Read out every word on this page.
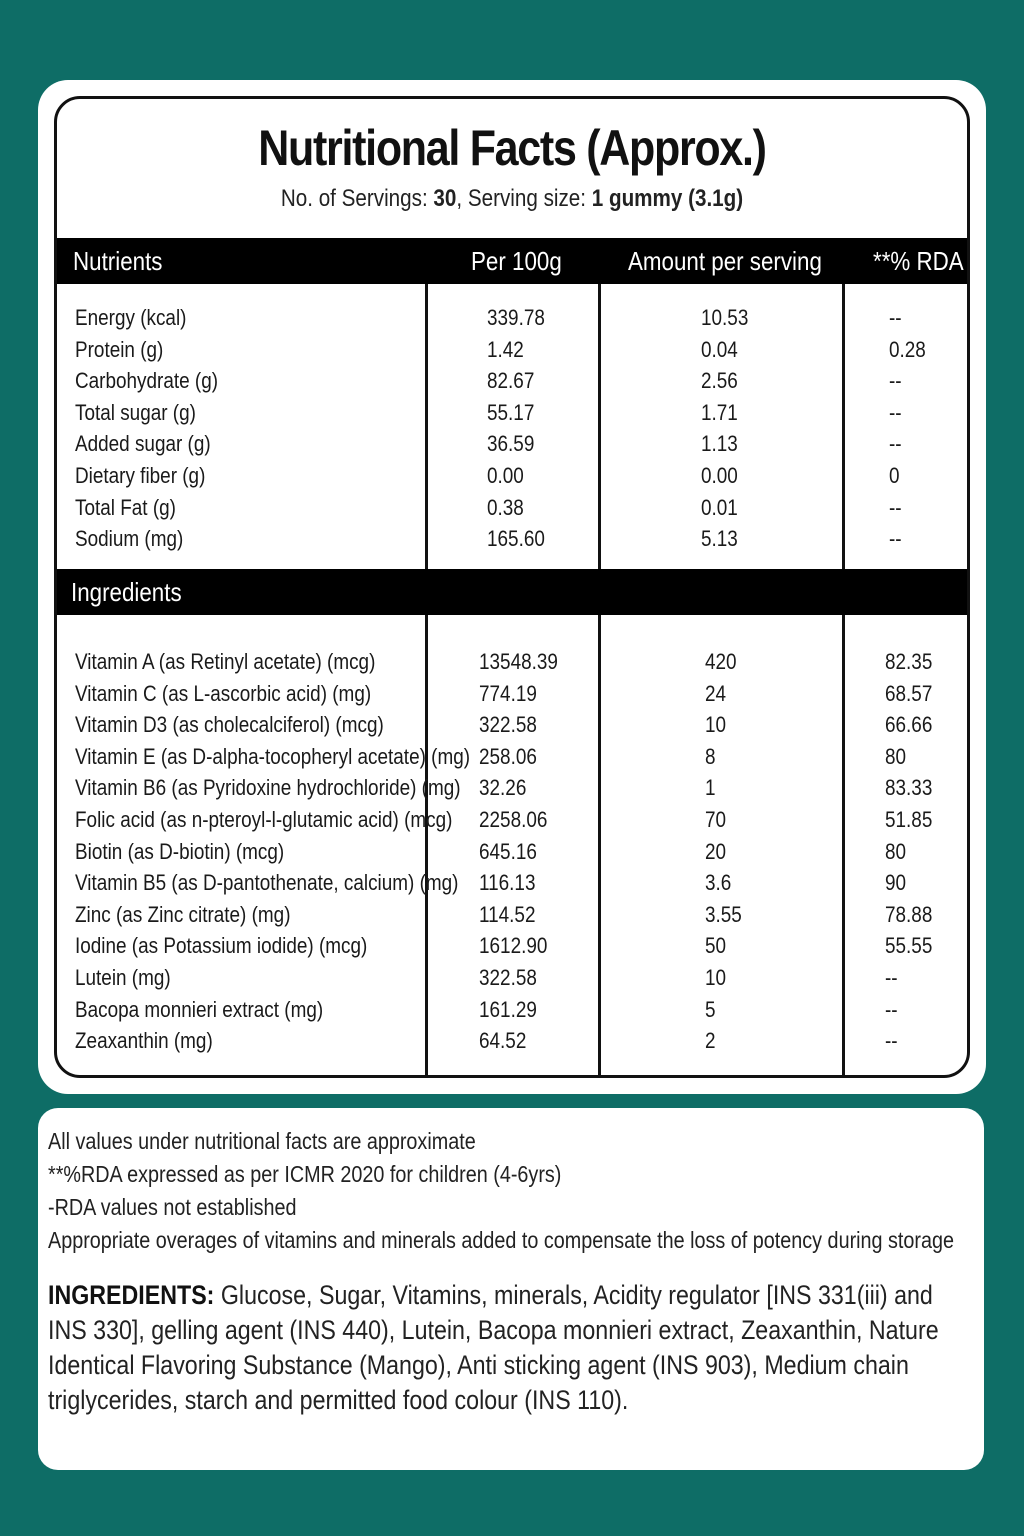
Nutritional Facts (Approx.)
No. of Servings: 30, Serving size: 1 gummy (3.1g)
Nutrients	Per 100g	Amount per serving **% RDA
Ingredients
Energy (kcal)	339.78	10.53	--
Protein (g)	1.42	0.04	0.28
Carbohydrate (g)	82.67	2.56	--
Total sugar (g)	55.17	1.71	--
Added sugar (g)	36.59	1.13	--
Dietary fiber (g)	0.00	0.00	0
Total Fat (g)	0.38	0.01	--
Sodium (mg)	165.60	5.13	--
Vitamin A (as Retinyl acetate) (mcg)	13548.39	420	82.35
Vitamin C (as L-ascorbic acid) (mg)	774.19	24	68.57
Vitamin D3 (as cholecalciferol) (mcg)	322.58	10	66.66
Vitamin E (as D-alpha-tocopheryl acetate) (mg) 258.06	8	80
Vitamin B6 (as Pyridoxine hydrochloride) (mg) 32.26	1	83.33
Folic acid (as n-pteroyl-l-glutamic acid) (mcg) 2258.06	70	51.85
Biotin (as D-biotin) (mcg)	645.16	20	80
Vitamin B5 (as D-pantothenate, calcium) (mg) 116.13	3.6	90
Zinc (as Zinc citrate) (mg)	114.52	3.55	78.88
Iodine (as Potassium iodide) (mcg)	1612.90	50	55.55
Lutein (mg)	322.58	10	--
Bacopa monnieri extract (mg)	161.29	5	--
Zeaxanthin (mg)	64.52	2	--
All values under nutritional facts are approximate
**%RDA expressed as per ICMR 2020 for children (4-6yrs)
-RDA values not established
Appropriate overages of vitamins and minerals added to compensate the loss of potency during storage
INGREDIENTS: Glucose, Sugar, Vitamins, minerals, Acidity regulator [INS 331(iii) and INS 330], gelling agent (INS 440), Lutein, Bacopa monnieri extract, Zeaxanthin, Nature Identical Flavoring Substance (Mango), Anti sticking agent (INS 903), Medium chain triglycerides, starch and permitted food colour (INS 110).
